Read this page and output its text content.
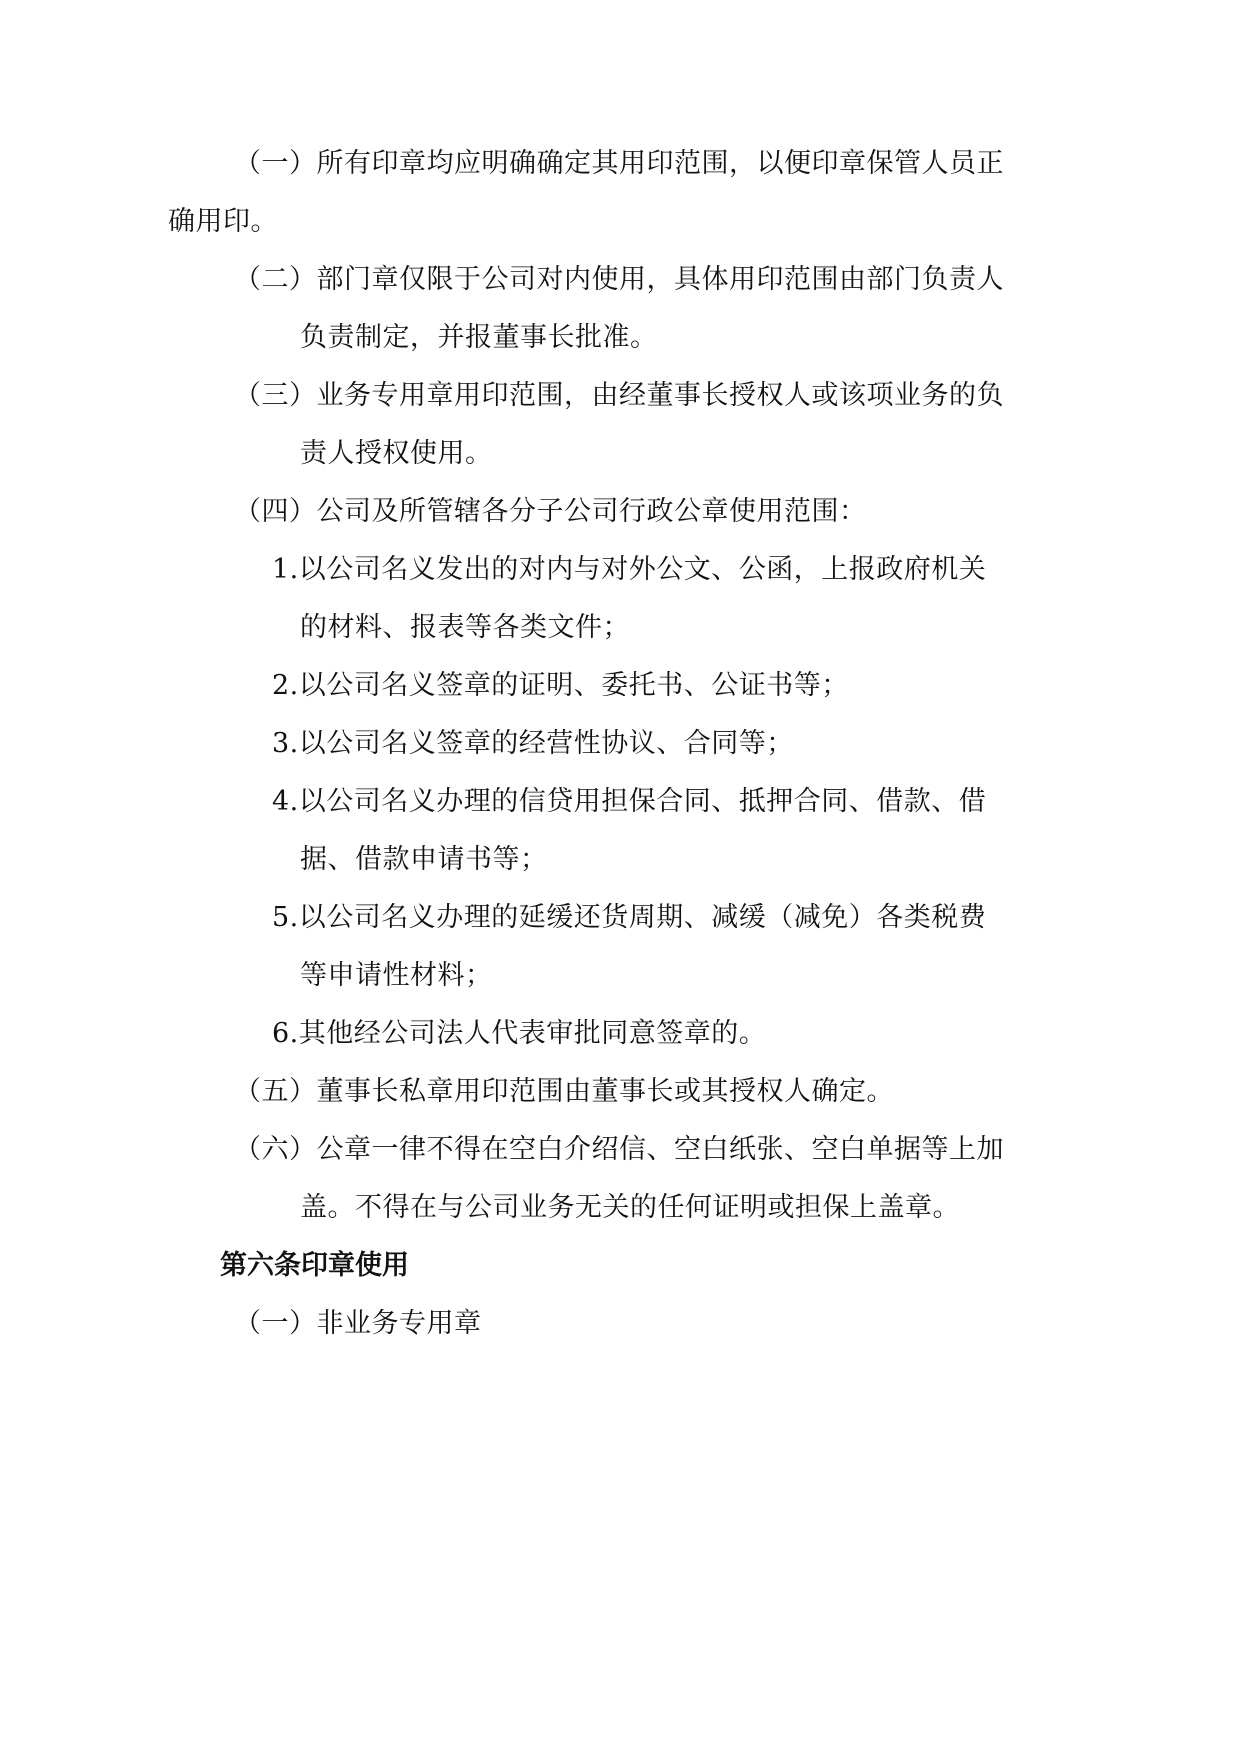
（一）所有印章均应明确确定其用印范围，以便印章保管人员正
确用印。
（二）部门章仅限于公司对内使用，具体用印范围由部门负责人
负责制定，并报董事长批准。
（三）业务专用章用印范围，由经董事长授权人或该项业务的负
责人授权使用。
（四）公司及所管辖各分子公司行政公章使用范围：
1.以公司名义发出的对内与对外公文、公函，上报政府机关
的材料、报表等各类文件；
2.以公司名义签章的证明、委托书、公证书等；
3.以公司名义签章的经营性协议、合同等；
4.以公司名义办理的信贷用担保合同、抵押合同、借款、借
据、借款申请书等；
5.以公司名义办理的延缓还货周期、减缓（减免）各类税费
等申请性材料；
6.其他经公司法人代表审批同意签章的。
（五）董事长私章用印范围由董事长或其授权人确定。
（六）公章一律不得在空白介绍信、空白纸张、空白单据等上加
盖。不得在与公司业务无关的任何证明或担保上盖章。
第六条印章使用
（一）非业务专用章
